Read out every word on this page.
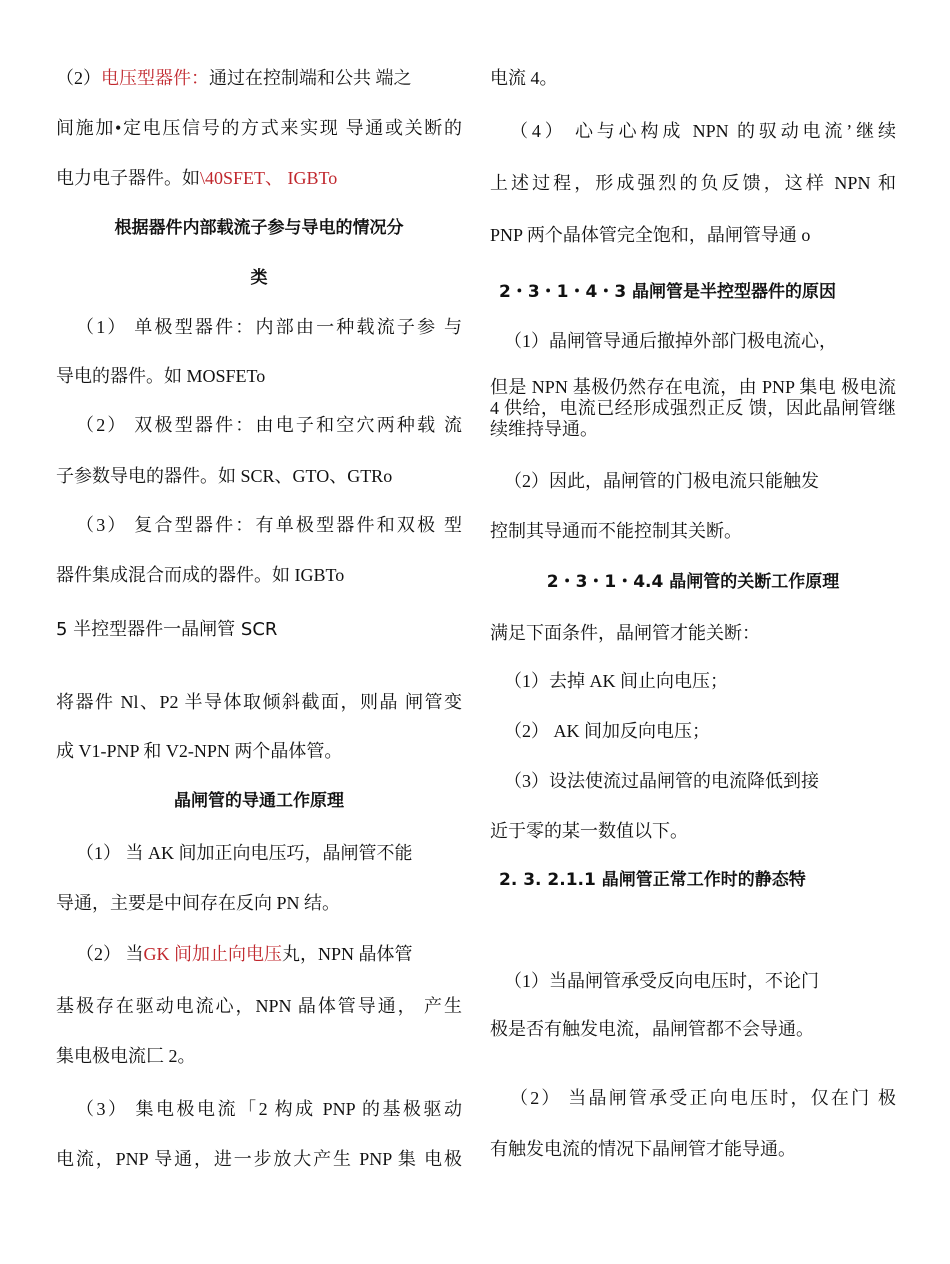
（2）电压型器件：通过在控制端和公共 端之
间施加•定电压信号的方式来实现 导通或关断的
电力电子器件。如\40SFET、 IGBTo
根据器件内部载流子参与导电的情况分
类
（1） 单极型器件：内部由一种载流子参 与
导电的器件。如 MOSFETo
（2） 双极型器件：由电子和空穴两种载 流
子参数导电的器件。如 SCR、GTO、GTRo
（3） 复合型器件：有单极型器件和双极 型
器件集成混合而成的器件。如 IGBTo
5 半控型器件一晶闸管 SCR
将器件 Nl、P2 半导体取倾斜截面，则晶 闸管变
成 V1-PNP 和 V2-NPN 两个晶体管。
晶闸管的导通工作原理
（1） 当 AK 间加正向电压巧，晶闸管不能
导通，主要是中间存在反向 PN 结。
（2） 当GK 间加止向电压丸，NPN 晶体管
基极存在驱动电流心，NPN 晶体管导通， 产生
集电极电流匚 2。
（3） 集电极电流「2 构成 PNP 的基极驱动
电流，PNP 导通，进一步放大产生 PNP 集 电极
电流 4。
（4） 心与心构成 NPN 的驭动电流’继续
上述过程，形成强烈的负反馈，这样 NPN 和
PNP 两个晶体管完全饱和，晶闸管导通 o
2・3・1・4・3 晶闸管是半控型器件的原因
（1）晶闸管导通后撤掉外部门极电流心，
但是 NPN 基极仍然存在电流，由 PNP 集电 极电流 4 供给，电流已经形成强烈正反 馈，因此晶闸管继续维持导通。
（2）因此，晶闸管的门极电流只能触发
控制其导通而不能控制其关断。
2・3・1・4.4 晶闸管的关断工作原理
满足下面条件，晶闸管才能关断：
（1）去掉 AK 间止向电压；
（2） AK 间加反向电压；
（3）设法使流过晶闸管的电流降低到接
近于零的某一数值以下。
2. 3. 2.1.1 晶闸管正常工作时的静态特
（1）当晶闸管承受反向电压时，不论门
极是否有触发电流，晶闸管都不会导通。
（2） 当晶闸管承受正向电压时，仅在门 极
有触发电流的情况下晶闸管才能导通。
